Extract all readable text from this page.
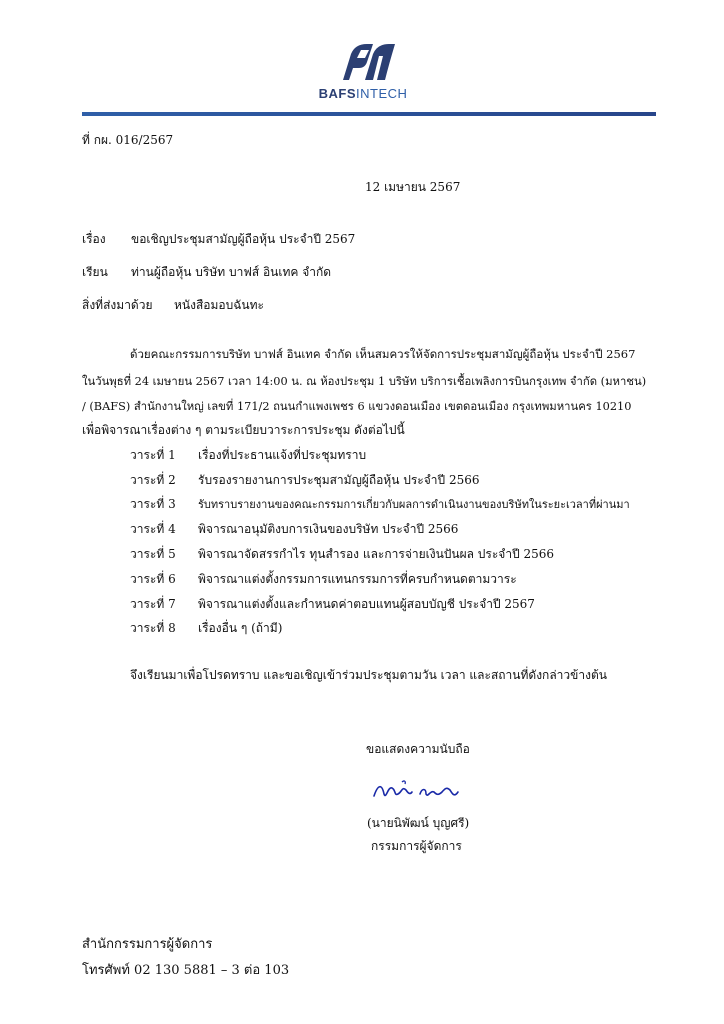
BAFSINTECH
ที่ กผ. 016/2567
12 เมษายน 2567
เรื่อง ขอเชิญประชุมสามัญผู้ถือหุ้น ประจำปี 2567
เรียน ท่านผู้ถือหุ้น บริษัท บาฟส์ อินเทค จำกัด
สิ่งที่ส่งมาด้วย หนังสือมอบฉันทะ
ด้วยคณะกรรมการบริษัท บาฟส์ อินเทค จำกัด เห็นสมควรให้จัดการประชุมสามัญผู้ถือหุ้น ประจำปี 2567
ในวันพุธที่ 24 เมษายน 2567 เวลา 14:00 น. ณ ห้องประชุม 1 บริษัท บริการเชื้อเพลิงการบินกรุงเทพ จำกัด (มหาชน)
/ (BAFS) สำนักงานใหญ่ เลขที่ 171/2 ถนนกำแพงเพชร 6 แขวงดอนเมือง เขตดอนเมือง กรุงเทพมหานคร 10210
เพื่อพิจารณาเรื่องต่าง ๆ ตามระเบียบวาระการประชุม ดังต่อไปนี้
วาระที่ 1 เรื่องที่ประธานแจ้งที่ประชุมทราบ
วาระที่ 2 รับรองรายงานการประชุมสามัญผู้ถือหุ้น ประจำปี 2566
วาระที่ 3 รับทราบรายงานของคณะกรรมการเกี่ยวกับผลการดำเนินงานของบริษัทในระยะเวลาที่ผ่านมา
วาระที่ 4 พิจารณาอนุมัติงบการเงินของบริษัท ประจำปี 2566
วาระที่ 5 พิจารณาจัดสรรกำไร ทุนสำรอง และการจ่ายเงินปันผล ประจำปี 2566
วาระที่ 6 พิจารณาแต่งตั้งกรรมการแทนกรรมการที่ครบกำหนดตามวาระ
วาระที่ 7 พิจารณาแต่งตั้งและกำหนดค่าตอบแทนผู้สอบบัญชี ประจำปี 2567
วาระที่ 8 เรื่องอื่น ๆ (ถ้ามี)
จึงเรียนมาเพื่อโปรดทราบ และขอเชิญเข้าร่วมประชุมตามวัน เวลา และสถานที่ดังกล่าวข้างต้น
ขอแสดงความนับถือ
(นายนิพัฒน์ บุญศรี)
กรรมการผู้จัดการ
สำนักกรรมการผู้จัดการ
โทรศัพท์ 02 130 5881 – 3 ต่อ 103
